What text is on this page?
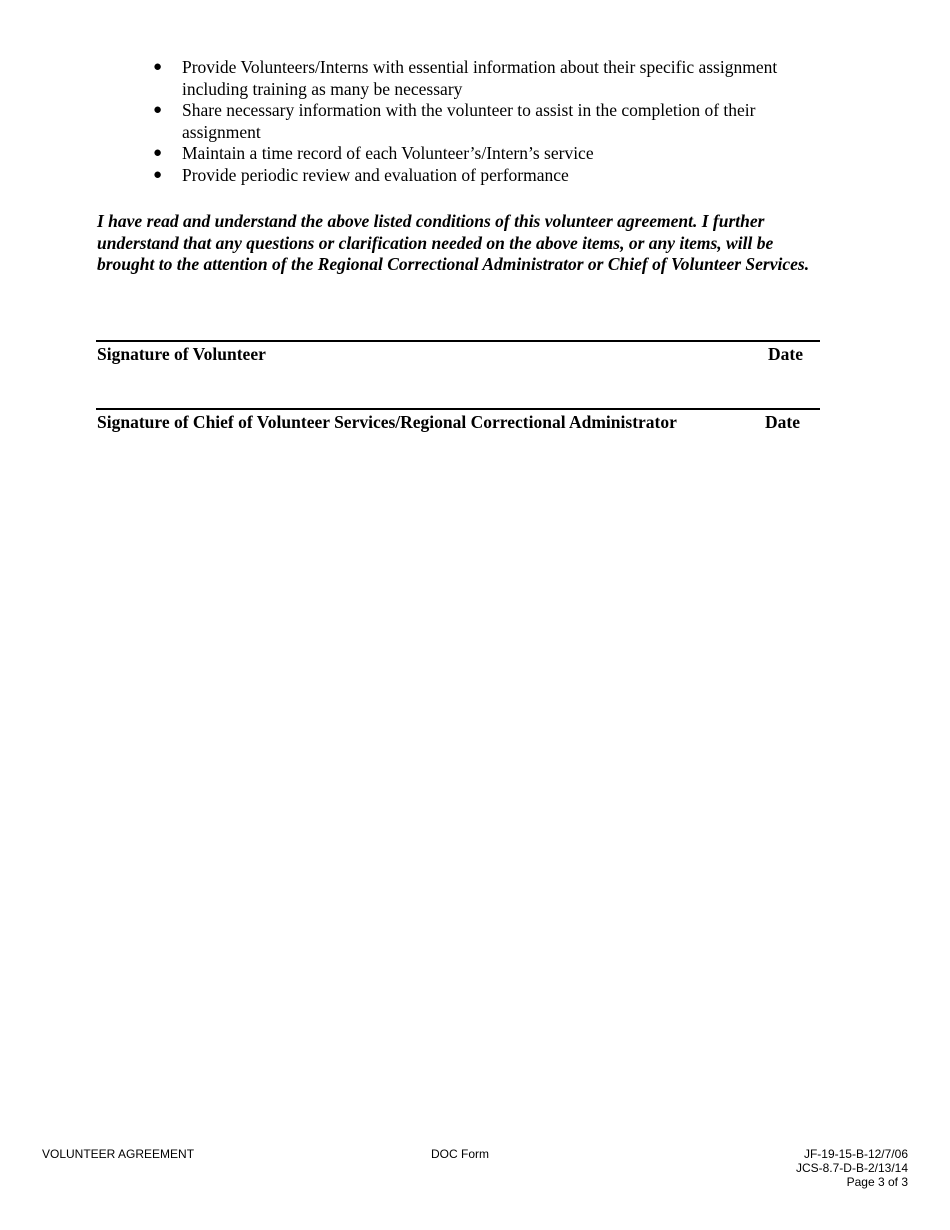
● Provide Volunteers/Interns with essential information about their specific assignment including training as many be necessary
● Share necessary information with the volunteer to assist in the completion of their assignment
● Maintain a time record of each Volunteer’s/Intern’s service
● Provide periodic review and evaluation of performance

I have read and understand the above listed conditions of this volunteer agreement. I further understand that any questions or clarification needed on the above items, or any items, will be brought to the attention of the Regional Correctional Administrator or Chief of Volunteer Services.

Signature of Volunteer	Date
Signature of Chief of Volunteer Services/Regional Correctional Administrator	Date
VOLUNTEER AGREEMENT	DOC Form	JF-19-15-B-12/7/06
JCS-8.7-D-B-2/13/14
Page 3 of 3
